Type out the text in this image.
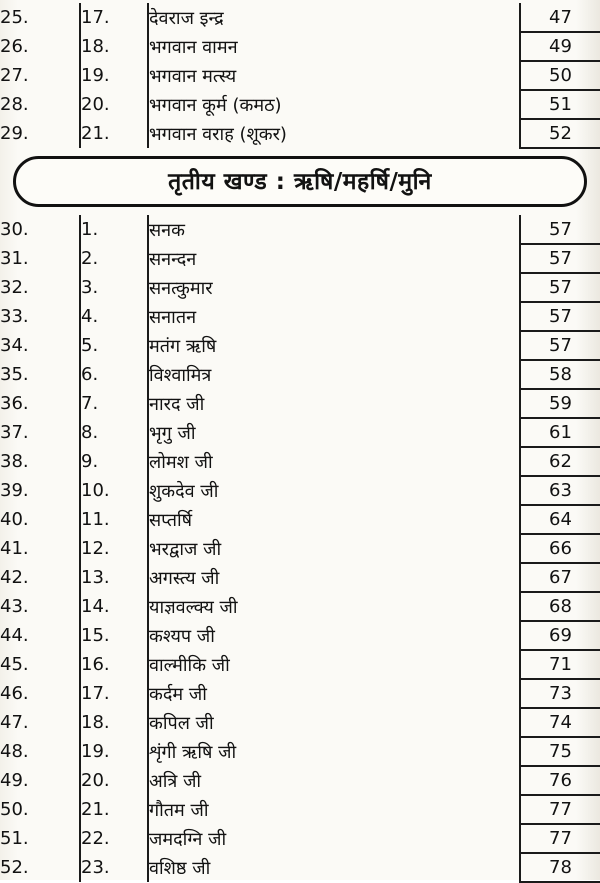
25.	17.	देवराज इन्द्र	47
26.	18.	भगवान वामन	49
27.	19.	भगवान मत्स्य	50
28.	20.	भगवान कूर्म (कमठ)	51
29.	21.	भगवान वराह (शूकर)	52
तृतीय खण्ड : ऋषि/महर्षि/मुनि
30.	1.	सनक	57
31.	2.	सनन्दन	57
32.	3.	सनत्कुमार	57
33.	4.	सनातन	57
34.	5.	मतंग ऋषि	57
35.	6.	विश्वामित्र	58
36.	7.	नारद जी	59
37.	8.	भृगु जी	61
38.	9.	लोमश जी	62
39.	10.	शुकदेव जी	63
40.	11.	सप्तर्षि	64
41.	12.	भरद्वाज जी	66
42.	13.	अगस्त्य जी	67
43.	14.	याज्ञवल्क्य जी	68
44.	15.	कश्यप जी	69
45.	16.	वाल्मीकि जी	71
46.	17.	कर्दम जी	73
47.	18.	कपिल जी	74
48.	19.	शृंगी ऋषि जी	75
49.	20.	अत्रि जी	76
50.	21.	गौतम जी	77
51.	22.	जमदग्नि जी	77
52.	23.	वशिष्ठ जी	78
